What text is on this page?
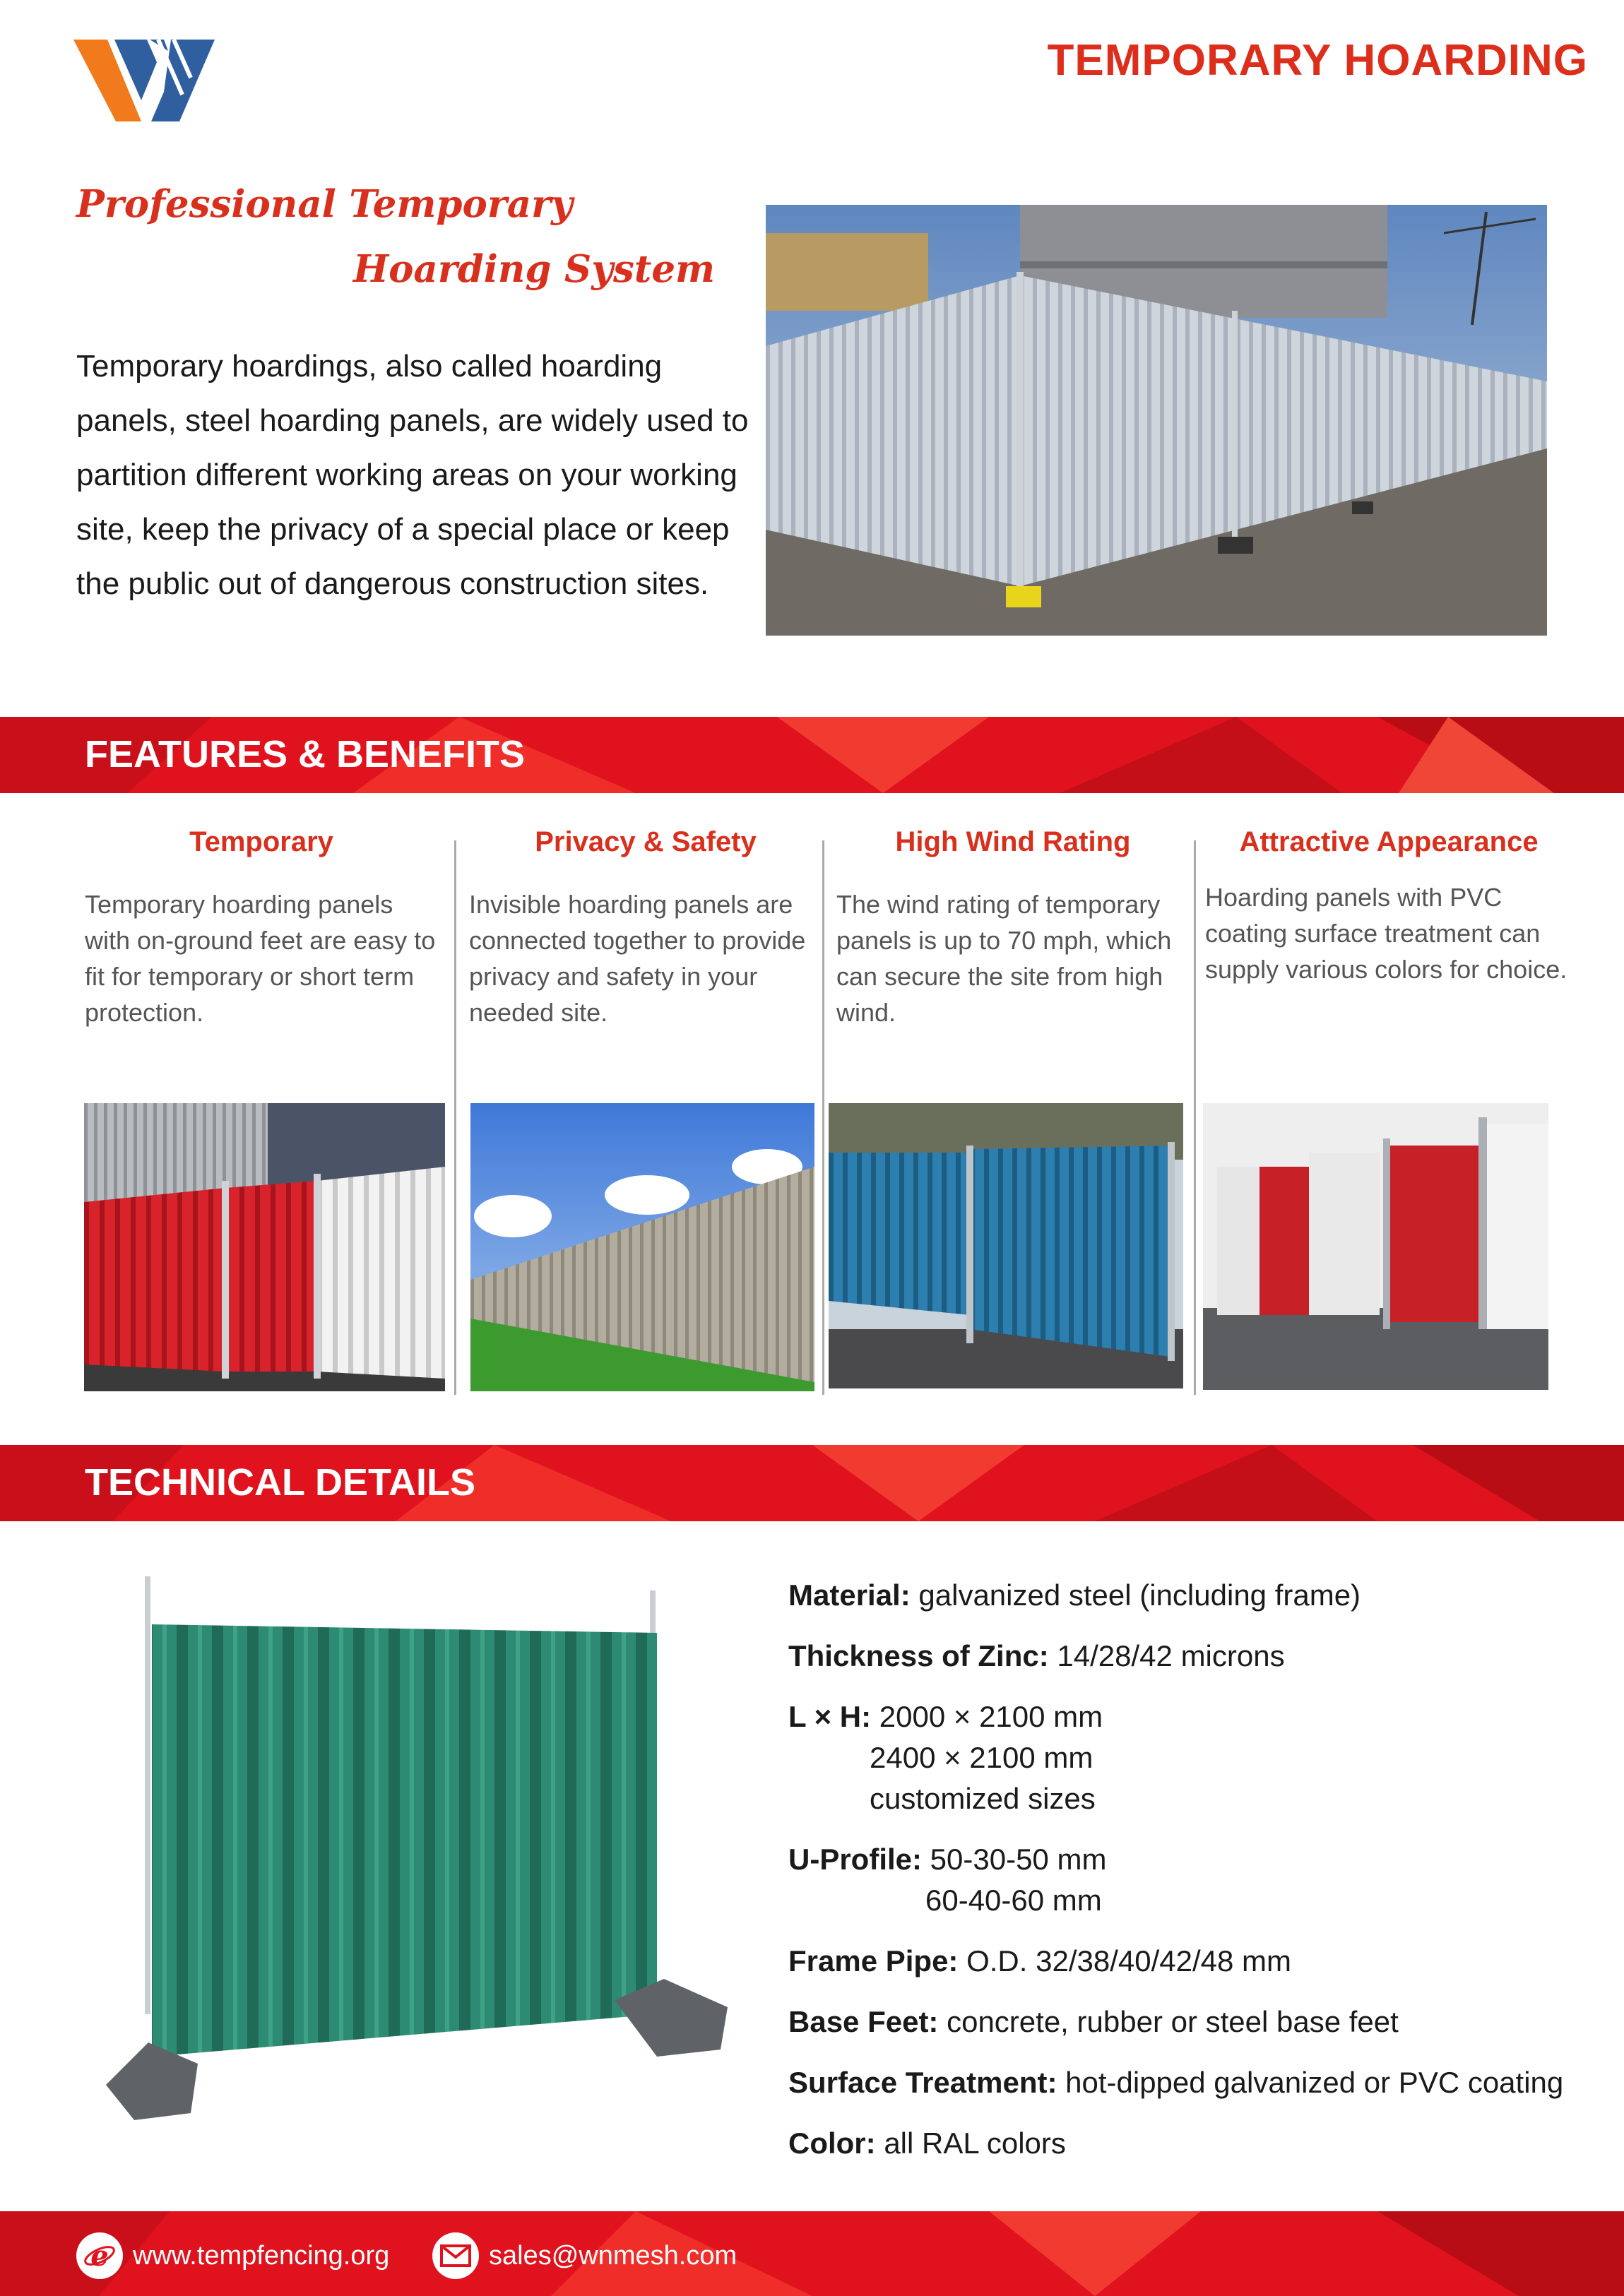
TEMPORARY HOARDING
Professional Temporary
Hoarding System
Temporary hoardings, also called hoarding panels, steel hoarding panels, are widely used to partition different working areas on your working site, keep the privacy of a special place or keep the public out of dangerous construction sites.
FEATURES & BENEFITS
Temporary
Temporary hoarding panels with on-ground feet are easy to fit for temporary or short term protection.
Privacy & Safety
Invisible hoarding panels are connected together to provide privacy and safety in your needed site.
High Wind Rating
The wind rating of temporary panels is up to 70 mph, which can secure the site from high wind.
Attractive Appearance
Hoarding panels with PVC coating surface treatment can supply various colors for choice.
TECHNICAL DETAILS
Material: galvanized steel (including frame)
Thickness of Zinc: 14/28/42 microns
L × H: 2000 × 2100 mm
2400 × 2100 mm
customized sizes
U-Profile: 50-30-50 mm
60-40-60 mm
Frame Pipe: O.D. 32/38/40/42/48 mm
Base Feet: concrete, rubber or steel base feet
Surface Treatment: hot-dipped galvanized or PVC coating
Color: all RAL colors
e www.tempfencing.org	sales@wnmesh.com
